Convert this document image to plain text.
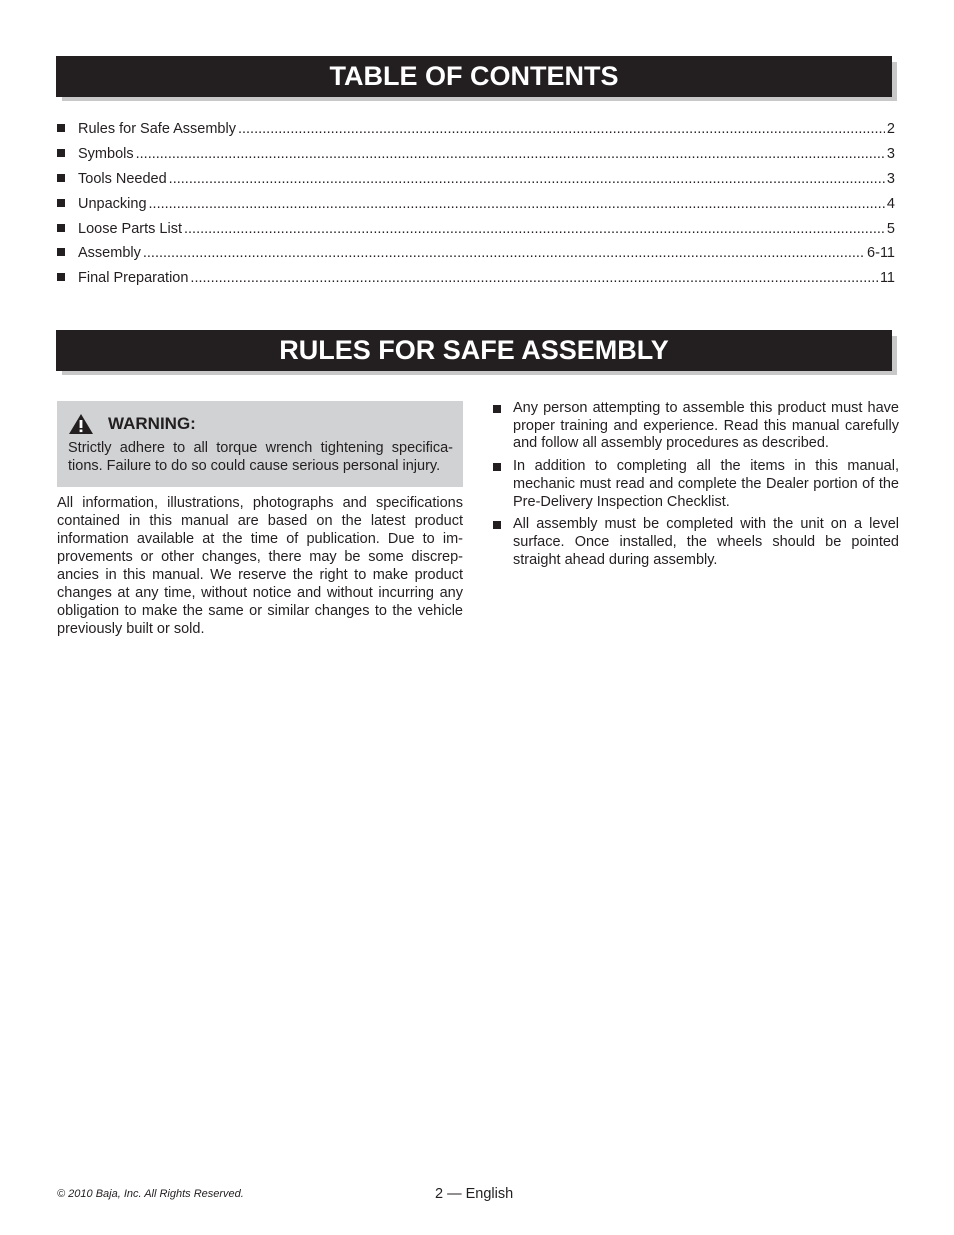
TABLE OF CONTENTS
Rules for Safe Assembly .....	2
Symbols .....	3
Tools Needed .....	3
Unpacking .....	4
Loose Parts List .....	5
Assembly .....	6-11
Final Preparation .....	11
RULES FOR SAFE ASSEMBLY
WARNING:
Strictly adhere to all torque wrench tightening specifica-tions. Failure to do so could cause serious personal injury.

All information, illustrations, photographs and specifications contained in this manual are based on the latest product information available at the time of publication. Due to im-provements or other changes, there may be some discrep-ancies in this manual. We reserve the right to make product changes at any time, without notice and without incurring any obligation to make the same or similar changes to the vehicle previously built or sold.

Any person attempting to assemble this product must have proper training and experience. Read this manual carefully and follow all assembly procedures as described.
In addition to completing all the items in this manual, mechanic must read and complete the Dealer portion of the Pre-Delivery Inspection Checklist.
All assembly must be completed with the unit on a level surface. Once installed, the wheels should be pointed straight ahead during assembly.
© 2010 Baja, Inc. All Rights Reserved.	2 — English
